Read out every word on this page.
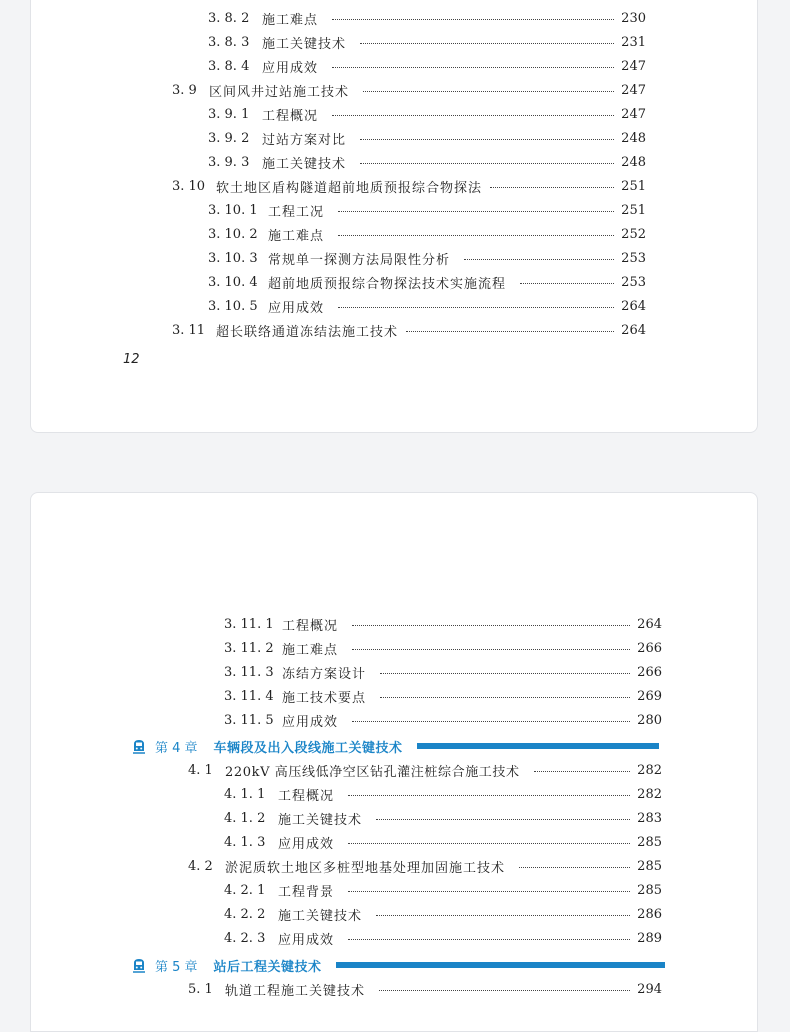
3. 8. 2 施工难点	230
3. 8. 3 施工关键技术	231
3. 8. 4 应用成效	247
3. 9 区间风井过站施工技术	247
3. 9. 1 工程概况	247
3. 9. 2 过站方案对比	248
3. 9. 3 施工关键技术	248
3. 10 软土地区盾构隧道超前地质预报综合物探法	251
3. 10. 1 工程工况	251
3. 10. 2 施工难点	252
3. 10. 3 常规单一探测方法局限性分析	253
3. 10. 4 超前地质预报综合物探法技术实施流程	253
3. 10. 5 应用成效	264
3. 11 超长联络通道冻结法施工技术	264
12
3. 11. 1 工程概况	264
3. 11. 2 施工难点	266
3. 11. 3 冻结方案设计	266
3. 11. 4 施工技术要点	269
3. 11. 5 应用成效	280
第 4 章 车辆段及出入段线施工关键技术
4. 1 220kV 高压线低净空区钻孔灌注桩综合施工技术	282
4. 1. 1 工程概况	282
4. 1. 2 施工关键技术	283
4. 1. 3 应用成效	285
4. 2 淤泥质软土地区多桩型地基处理加固施工技术	285
4. 2. 1 工程背景	285
4. 2. 2 施工关键技术	286
4. 2. 3 应用成效	289
第 5 章 站后工程关键技术
5. 1 轨道工程施工关键技术	294
